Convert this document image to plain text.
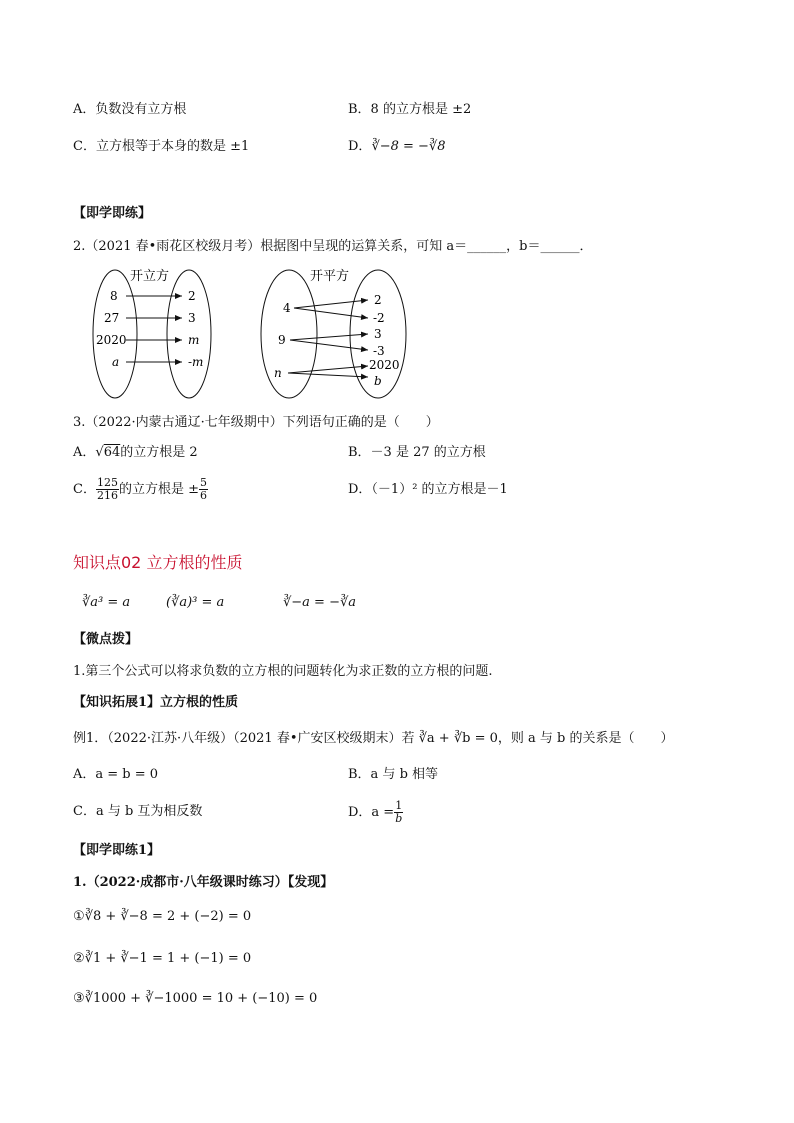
A．负数没有立方根	B．8 的立方根是 ±2
C．立方根等于本身的数是 ±1	D．∛−8 = −∛8
【即学即练】
2.（2021 春•雨花区校级月考）根据图中呈现的运算关系，可知 a＝______，b＝______．
开立方
8
27
2020
a
2
3
m
-m
开平方
4
9
n
2
-2
3
-3
2020
b
3.（2022·内蒙古通辽·七年级期中）下列语句正确的是（　　）
A．√64的立方根是 2	B．－3 是 27 的立方根
C． $\frac{125}{216}$ 的立方根是 ± $\frac{5}{6}$	D．（－1）² 的立方根是－1
知识点02 立方根的性质
∛a³ = a	(∛a)³ = a	∛−a = −∛a
【微点拨】
1.第三个公式可以将求负数的立方根的问题转化为求正数的立方根的问题.
【知识拓展1】立方根的性质
例1．（2022·江苏·八年级）（2021 春•广安区校级期末）若 ∛a + ∛b = 0，则 a 与 b 的关系是（　　）
A．a = b = 0	B．a 与 b 相等
C．a 与 b 互为相反数	D．$a = \frac{1}{b}$
【即学即练1】
1.（2022·成都市·八年级课时练习）【发现】
①∛8 + ∛−8 = 2 + (−2) = 0
②∛1 + ∛−1 = 1 + (−1) = 0
③∛1000 + ∛−1000 = 10 + (−10) = 0
